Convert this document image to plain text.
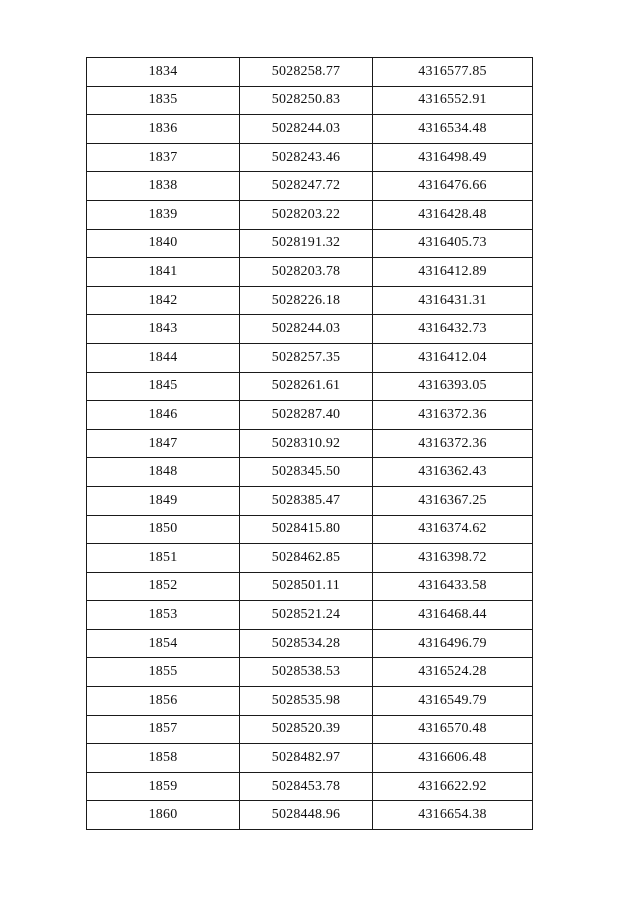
1834	5028258.77	4316577.85
1835	5028250.83	4316552.91
1836	5028244.03	4316534.48
1837	5028243.46	4316498.49
1838	5028247.72	4316476.66
1839	5028203.22	4316428.48
1840	5028191.32	4316405.73
1841	5028203.78	4316412.89
1842	5028226.18	4316431.31
1843	5028244.03	4316432.73
1844	5028257.35	4316412.04
1845	5028261.61	4316393.05
1846	5028287.40	4316372.36
1847	5028310.92	4316372.36
1848	5028345.50	4316362.43
1849	5028385.47	4316367.25
1850	5028415.80	4316374.62
1851	5028462.85	4316398.72
1852	5028501.11	4316433.58
1853	5028521.24	4316468.44
1854	5028534.28	4316496.79
1855	5028538.53	4316524.28
1856	5028535.98	4316549.79
1857	5028520.39	4316570.48
1858	5028482.97	4316606.48
1859	5028453.78	4316622.92
1860	5028448.96	4316654.38
